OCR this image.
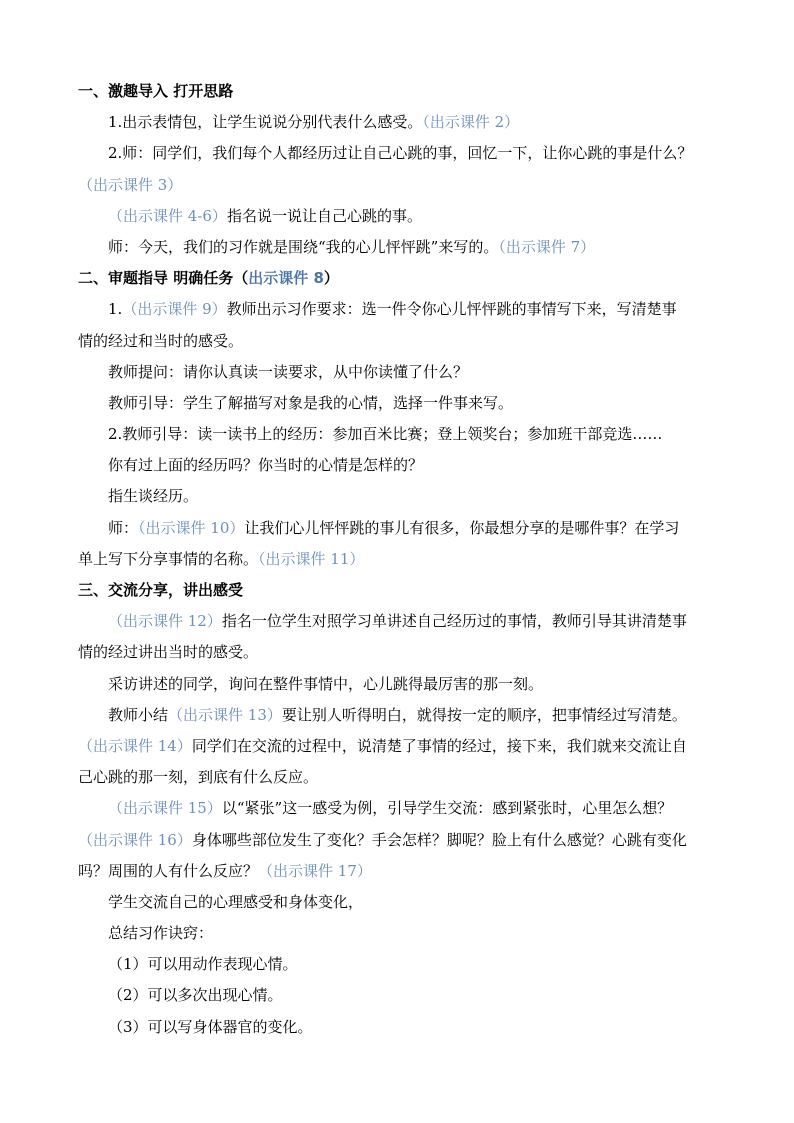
一、激趣导入 打开思路
1.出示表情包，让学生说说分别代表什么感受。（出示课件 2）
2.师：同学们，我们每个人都经历过让自己心跳的事，回忆一下，让你心跳的事是什么？
（出示课件 3）
（出示课件 4-6）指名说一说让自己心跳的事。
师：今天，我们的习作就是围绕“我的心儿怦怦跳”来写的。（出示课件 7）
二、审题指导 明确任务（出示课件 8）
1.（出示课件 9）教师出示习作要求：选一件令你心儿怦怦跳的事情写下来，写清楚事
情的经过和当时的感受。
教师提问：请你认真读一读要求，从中你读懂了什么？
教师引导：学生了解描写对象是我的心情，选择一件事来写。
2.教师引导：读一读书上的经历：参加百米比赛；登上领奖台；参加班干部竞选……
你有过上面的经历吗？你当时的心情是怎样的？
指生谈经历。
师：（出示课件 10）让我们心儿怦怦跳的事儿有很多，你最想分享的是哪件事？在学习
单上写下分享事情的名称。（出示课件 11）
三、交流分享，讲出感受
（出示课件 12）指名一位学生对照学习单讲述自己经历过的事情，教师引导其讲清楚事
情的经过讲出当时的感受。
采访讲述的同学，询问在整件事情中，心儿跳得最厉害的那一刻。
教师小结（出示课件 13）要让别人听得明白，就得按一定的顺序，把事情经过写清楚。
（出示课件 14）同学们在交流的过程中，说清楚了事情的经过，接下来，我们就来交流让自
己心跳的那一刻，到底有什么反应。
（出示课件 15）以“紧张”这一感受为例，引导学生交流：感到紧张时，心里怎么想？
（出示课件 16）身体哪些部位发生了变化？手会怎样？脚呢？脸上有什么感觉？心跳有变化
吗？周围的人有什么反应？（出示课件 17）
学生交流自己的心理感受和身体变化，
总结习作诀窍：
（1）可以用动作表现心情。
（2）可以多次出现心情。
（3）可以写身体器官的变化。
